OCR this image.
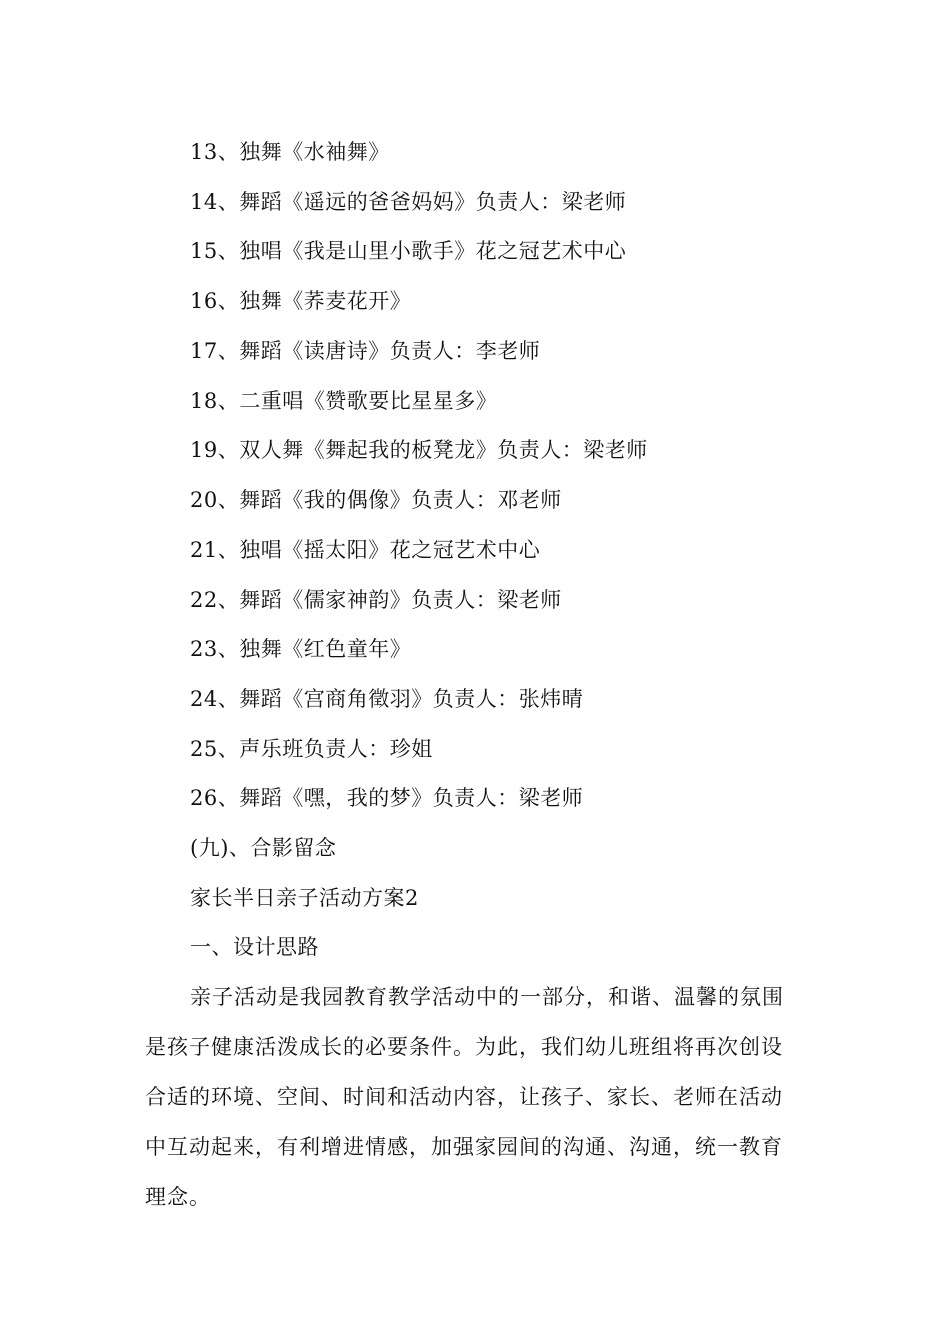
13、独舞《水袖舞》
14、舞蹈《遥远的爸爸妈妈》负责人：梁老师
15、独唱《我是山里小歌手》花之冠艺术中心
16、独舞《荞麦花开》
17、舞蹈《读唐诗》负责人：李老师
18、二重唱《赞歌要比星星多》
19、双人舞《舞起我的板凳龙》负责人：梁老师
20、舞蹈《我的偶像》负责人：邓老师
21、独唱《摇太阳》花之冠艺术中心
22、舞蹈《儒家神韵》负责人：梁老师
23、独舞《红色童年》
24、舞蹈《宫商角徵羽》负责人：张炜晴
25、声乐班负责人：珍姐
26、舞蹈《嘿，我的梦》负责人：梁老师
(九)、合影留念
家长半日亲子活动方案2
一、设计思路
亲子活动是我园教育教学活动中的一部分，和谐、温馨的氛围
是孩子健康活泼成长的必要条件。为此，我们幼儿班组将再次创设
合适的环境、空间、时间和活动内容，让孩子、家长、老师在活动
中互动起来，有利增进情感，加强家园间的沟通、沟通，统一教育
理念。
